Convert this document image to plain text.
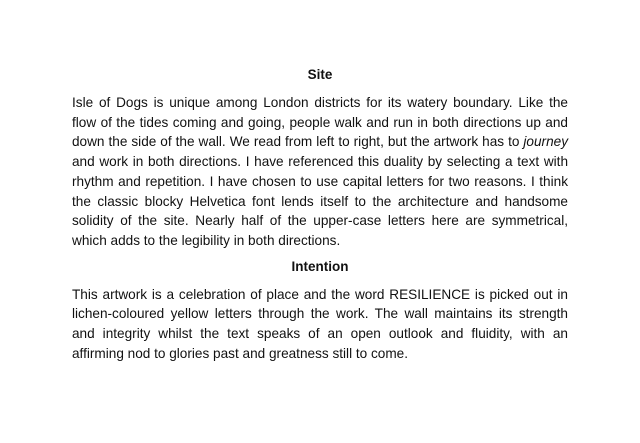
Site

Isle of Dogs is unique among London districts for its watery boundary. Like the flow of the tides coming and going, people walk and run in both directions up and down the side of the wall. We read from left to right, but the artwork has to journey and work in both directions. I have referenced this duality by selecting a text with rhythm and repetition. I have chosen to use capital letters for two reasons. I think the classic blocky Helvetica font lends itself to the architecture and handsome solidity of the site. Nearly half of the upper-case letters here are symmetrical, which adds to the legibility in both directions.

Intention

This artwork is a celebration of place and the word RESILIENCE is picked out in lichen-coloured yellow letters through the work. The wall maintains its strength and integrity whilst the text speaks of an open outlook and fluidity, with an affirming nod to glories past and greatness still to come.
